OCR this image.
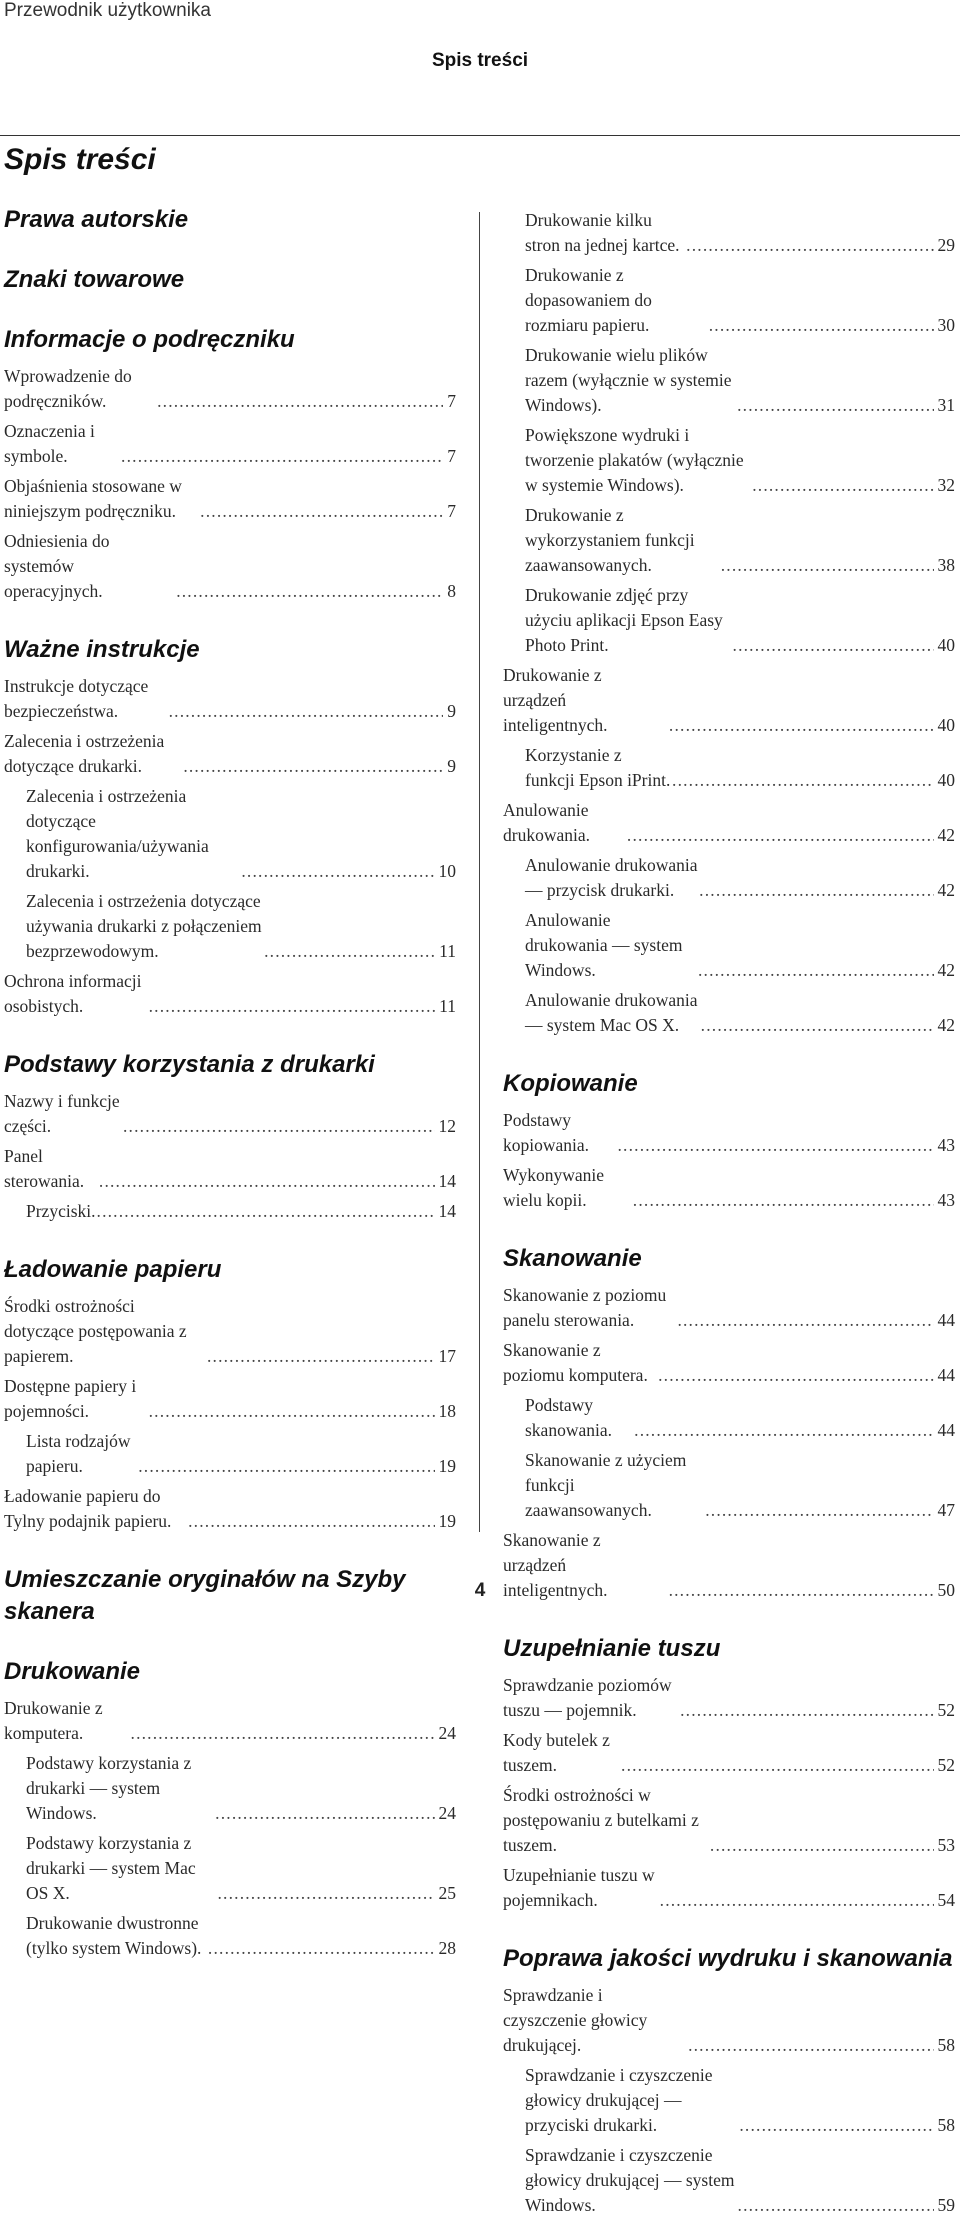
Przewodnik użytkownika
Spis treści
Spis treści
Prawa autorskie
Znaki towarowe
Informacje o podręczniku
Wprowadzenie do podręczników. . . .	7
Oznaczenia i symbole. . . .	7
Objaśnienia stosowane w niniejszym podręczniku. . . .	7
Odniesienia do systemów operacyjnych. . . .	8
Ważne instrukcje
Instrukcje dotyczące bezpieczeństwa. . . .	9
Zalecenia i ostrzeżenia dotyczące drukarki. . . .	9
Zalecenia i ostrzeżenia dotyczące konfigurowania/używania drukarki. . . .	10
Zalecenia i ostrzeżenia dotyczące używania drukarki z połączeniem bezprzewodowym. . . .	11
Ochrona informacji osobistych. . . .	11
Podstawy korzystania z drukarki
Nazwy i funkcje części. . . .	12
Panel sterowania. . . .	14
Przyciski. . . .	14
Ładowanie papieru
Środki ostrożności dotyczące postępowania z papierem. . . .	17
Dostępne papiery i pojemności. . . .	18
Lista rodzajów papieru. . . .	19
Ładowanie papieru do Tylny podajnik papieru. . . .	19
Umieszczanie oryginałów na Szyby skanera
Drukowanie
Drukowanie z komputera. . . .	24
Podstawy korzystania z drukarki — system Windows. . . .	24
Podstawy korzystania z drukarki — system Mac OS X. . . .	25
Drukowanie dwustronne (tylko system Windows). . . .	28
Drukowanie kilku stron na jednej kartce. . . .	29
Drukowanie z dopasowaniem do rozmiaru papieru. . . .	30
Drukowanie wielu plików razem (wyłącznie w systemie Windows). . . .	31
Powiększone wydruki i tworzenie plakatów (wyłącznie w systemie Windows). . . .	32
Drukowanie z wykorzystaniem funkcji zaawansowanych. . . .	38
Drukowanie zdjęć przy użyciu aplikacji Epson Easy Photo Print. . . .	40
Drukowanie z urządzeń inteligentnych. . . .	40
Korzystanie z funkcji Epson iPrint. . . .	40
Anulowanie drukowania. . . .	42
Anulowanie drukowania — przycisk drukarki. . . .	42
Anulowanie drukowania — system Windows. . . .	42
Anulowanie drukowania — system Mac OS X. . . .	42
Kopiowanie
Podstawy kopiowania. . . .	43
Wykonywanie wielu kopii. . . .	43
Skanowanie
Skanowanie z poziomu panelu sterowania. . . .	44
Skanowanie z poziomu komputera. . . .	44
Podstawy skanowania. . . .	44
Skanowanie z użyciem funkcji zaawansowanych. . . .	47
Skanowanie z urządzeń inteligentnych. . . .	50
Uzupełnianie tuszu
Sprawdzanie poziomów tuszu — pojemnik. . . .	52
Kody butelek z tuszem. . . .	52
Środki ostrożności w postępowaniu z butelkami z tuszem. . . .	53
Uzupełnianie tuszu w pojemnikach. . . .	54
Poprawa jakości wydruku i skanowania
Sprawdzanie i czyszczenie głowicy drukującej. . . .	58
Sprawdzanie i czyszczenie głowicy drukującej — przyciski drukarki. . . .	58
Sprawdzanie i czyszczenie głowicy drukującej — system Windows. . . .	59
4
